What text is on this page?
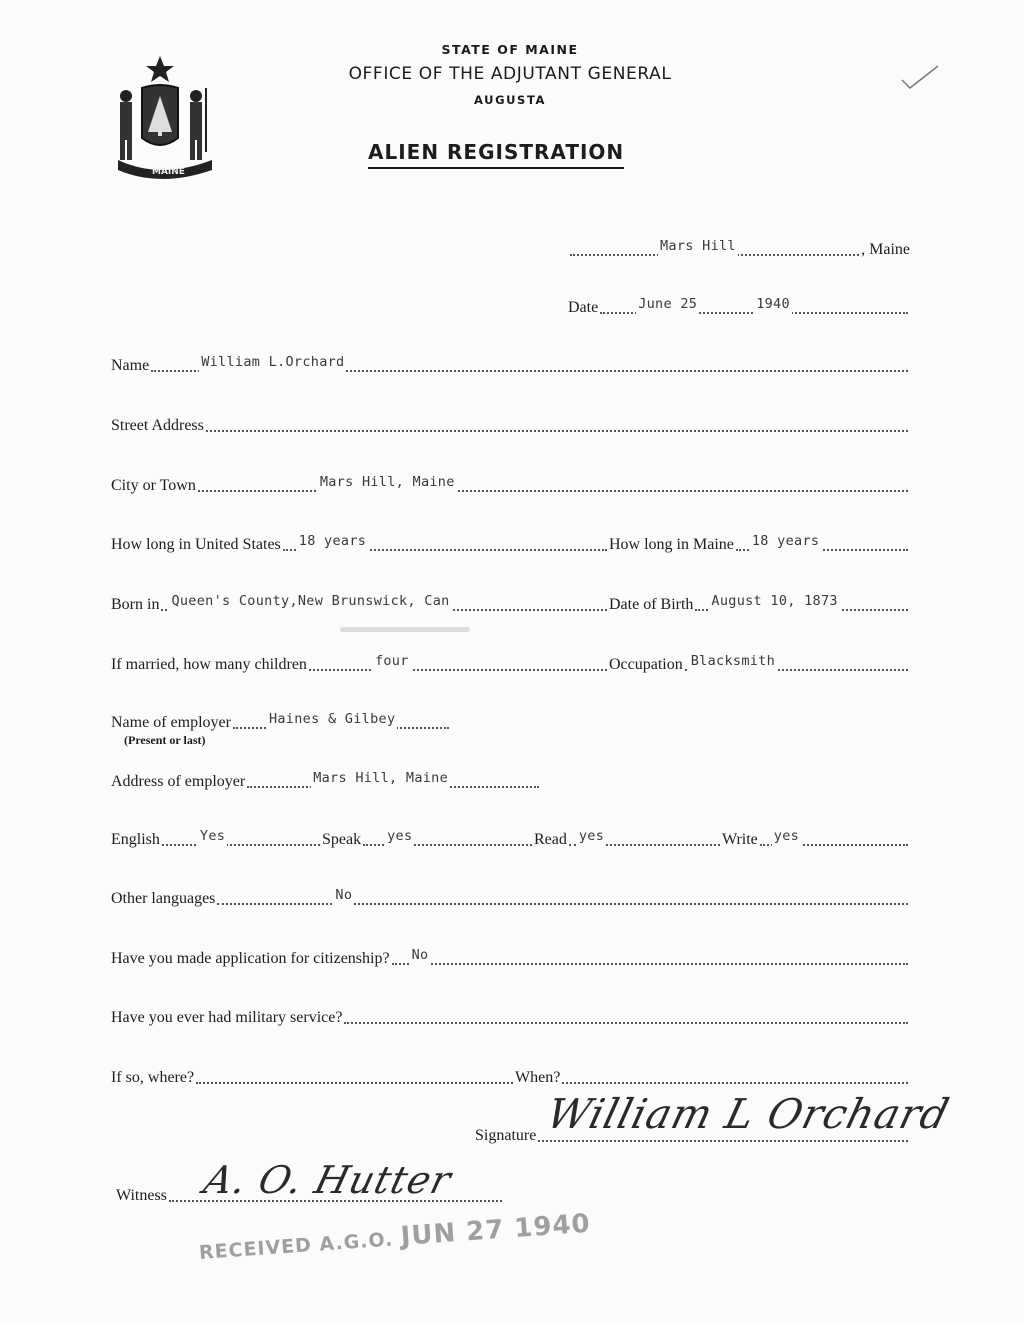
MAINE
STATE OF MAINE
OFFICE OF THE ADJUTANT GENERAL
AUGUSTA
ALIEN REGISTRATION
Mars Hill	, Maine
Date	June 25	1940
Name	William L.Orchard
Street Address
City or Town	Mars Hill, Maine
How long in United States 18 years	How long in Maine 18 years
Born in Queen's County,New Brunswick, Can	Date of Birth August 10, 1873
If married, how many children	four	Occupation Blacksmith
Name of employer	Haines & Gilbey
(Present or last)
Address of employer	Mars Hill, Maine
English	Yes	Speak yes	Read yes	Write yes
Other languages	No
Have you made application for citizenship? No
Have you ever had military service?
If so, where?	When?
Signature William L Orchard
Witness A. O. Hutter
RECEIVED A.G.O. JUN 27 1940
